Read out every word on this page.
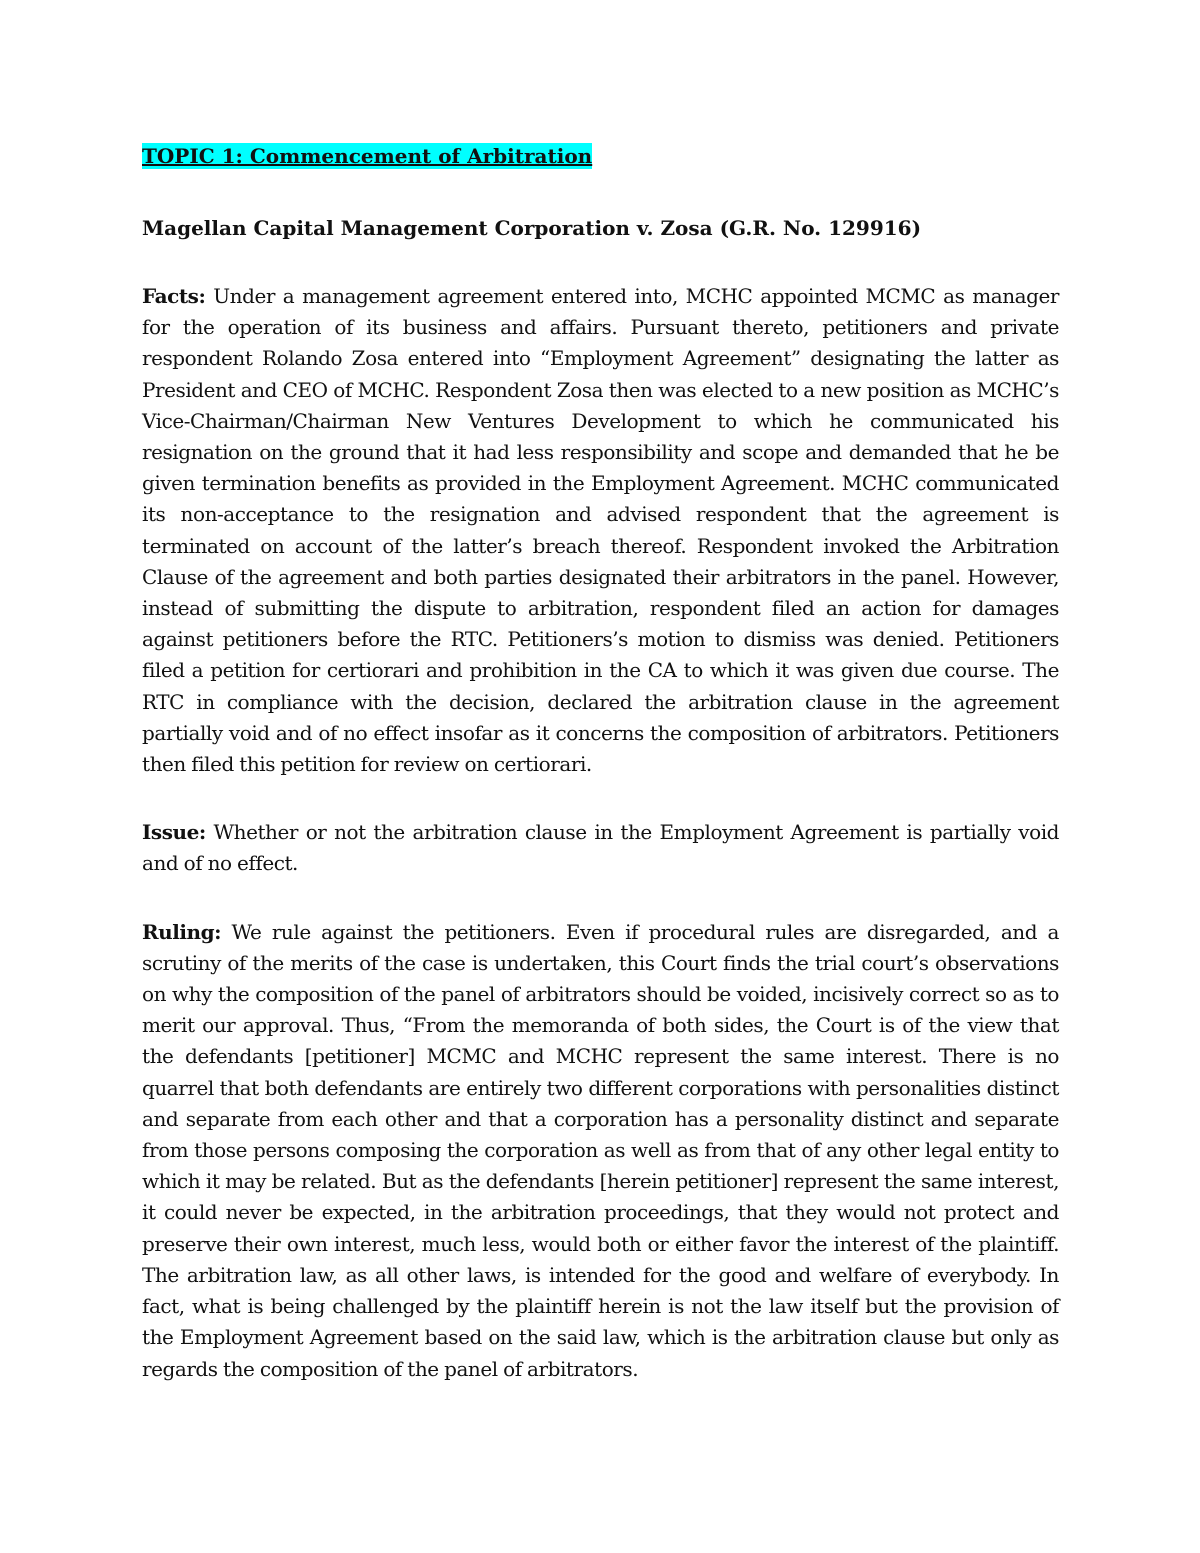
TOPIC 1: Commencement of Arbitration

Magellan Capital Management Corporation v. Zosa (G.R. No. 129916)

Facts: Under a management agreement entered into, MCHC appointed MCMC as manager for the operation of its business and affairs. Pursuant thereto, petitioners and private respondent Rolando Zosa entered into “Employment Agreement” designating the latter as President and CEO of MCHC. Respondent Zosa then was elected to a new position as MCHC’s Vice-Chairman/Chairman New Ventures Development to which he communicated his resignation on the ground that it had less responsibility and scope and demanded that he be given termination benefits as provided in the Employment Agreement. MCHC communicated its non-acceptance to the resignation and advised respondent that the agreement is terminated on account of the latter’s breach thereof. Respondent invoked the Arbitration Clause of the agreement and both parties designated their arbitrators in the panel. However, instead of submitting the dispute to arbitration, respondent filed an action for damages against petitioners before the RTC. Petitioners’s motion to dismiss was denied. Petitioners filed a petition for certiorari and prohibition in the CA to which it was given due course. The RTC in compliance with the decision, declared the arbitration clause in the agreement partially void and of no effect insofar as it concerns the composition of arbitrators. Petitioners then filed this petition for review on certiorari.

Issue: Whether or not the arbitration clause in the Employment Agreement is partially void and of no effect.

Ruling: We rule against the petitioners. Even if procedural rules are disregarded, and a scrutiny of the merits of the case is undertaken, this Court finds the trial court’s observations on why the composition of the panel of arbitrators should be voided, incisively correct so as to merit our approval. Thus, “From the memoranda of both sides, the Court is of the view that the defendants [petitioner] MCMC and MCHC represent the same interest. There is no quarrel that both defendants are entirely two different corporations with personalities distinct and separate from each other and that a corporation has a personality distinct and separate from those persons composing the corporation as well as from that of any other legal entity to which it may be related. But as the defendants [herein petitioner] represent the same interest, it could never be expected, in the arbitration proceedings, that they would not protect and preserve their own interest, much less, would both or either favor the interest of the plaintiff. The arbitration law, as all other laws, is intended for the good and welfare of everybody. In fact, what is being challenged by the plaintiff herein is not the law itself but the provision of the Employment Agreement based on the said law, which is the arbitration clause but only as regards the composition of the panel of arbitrators.
